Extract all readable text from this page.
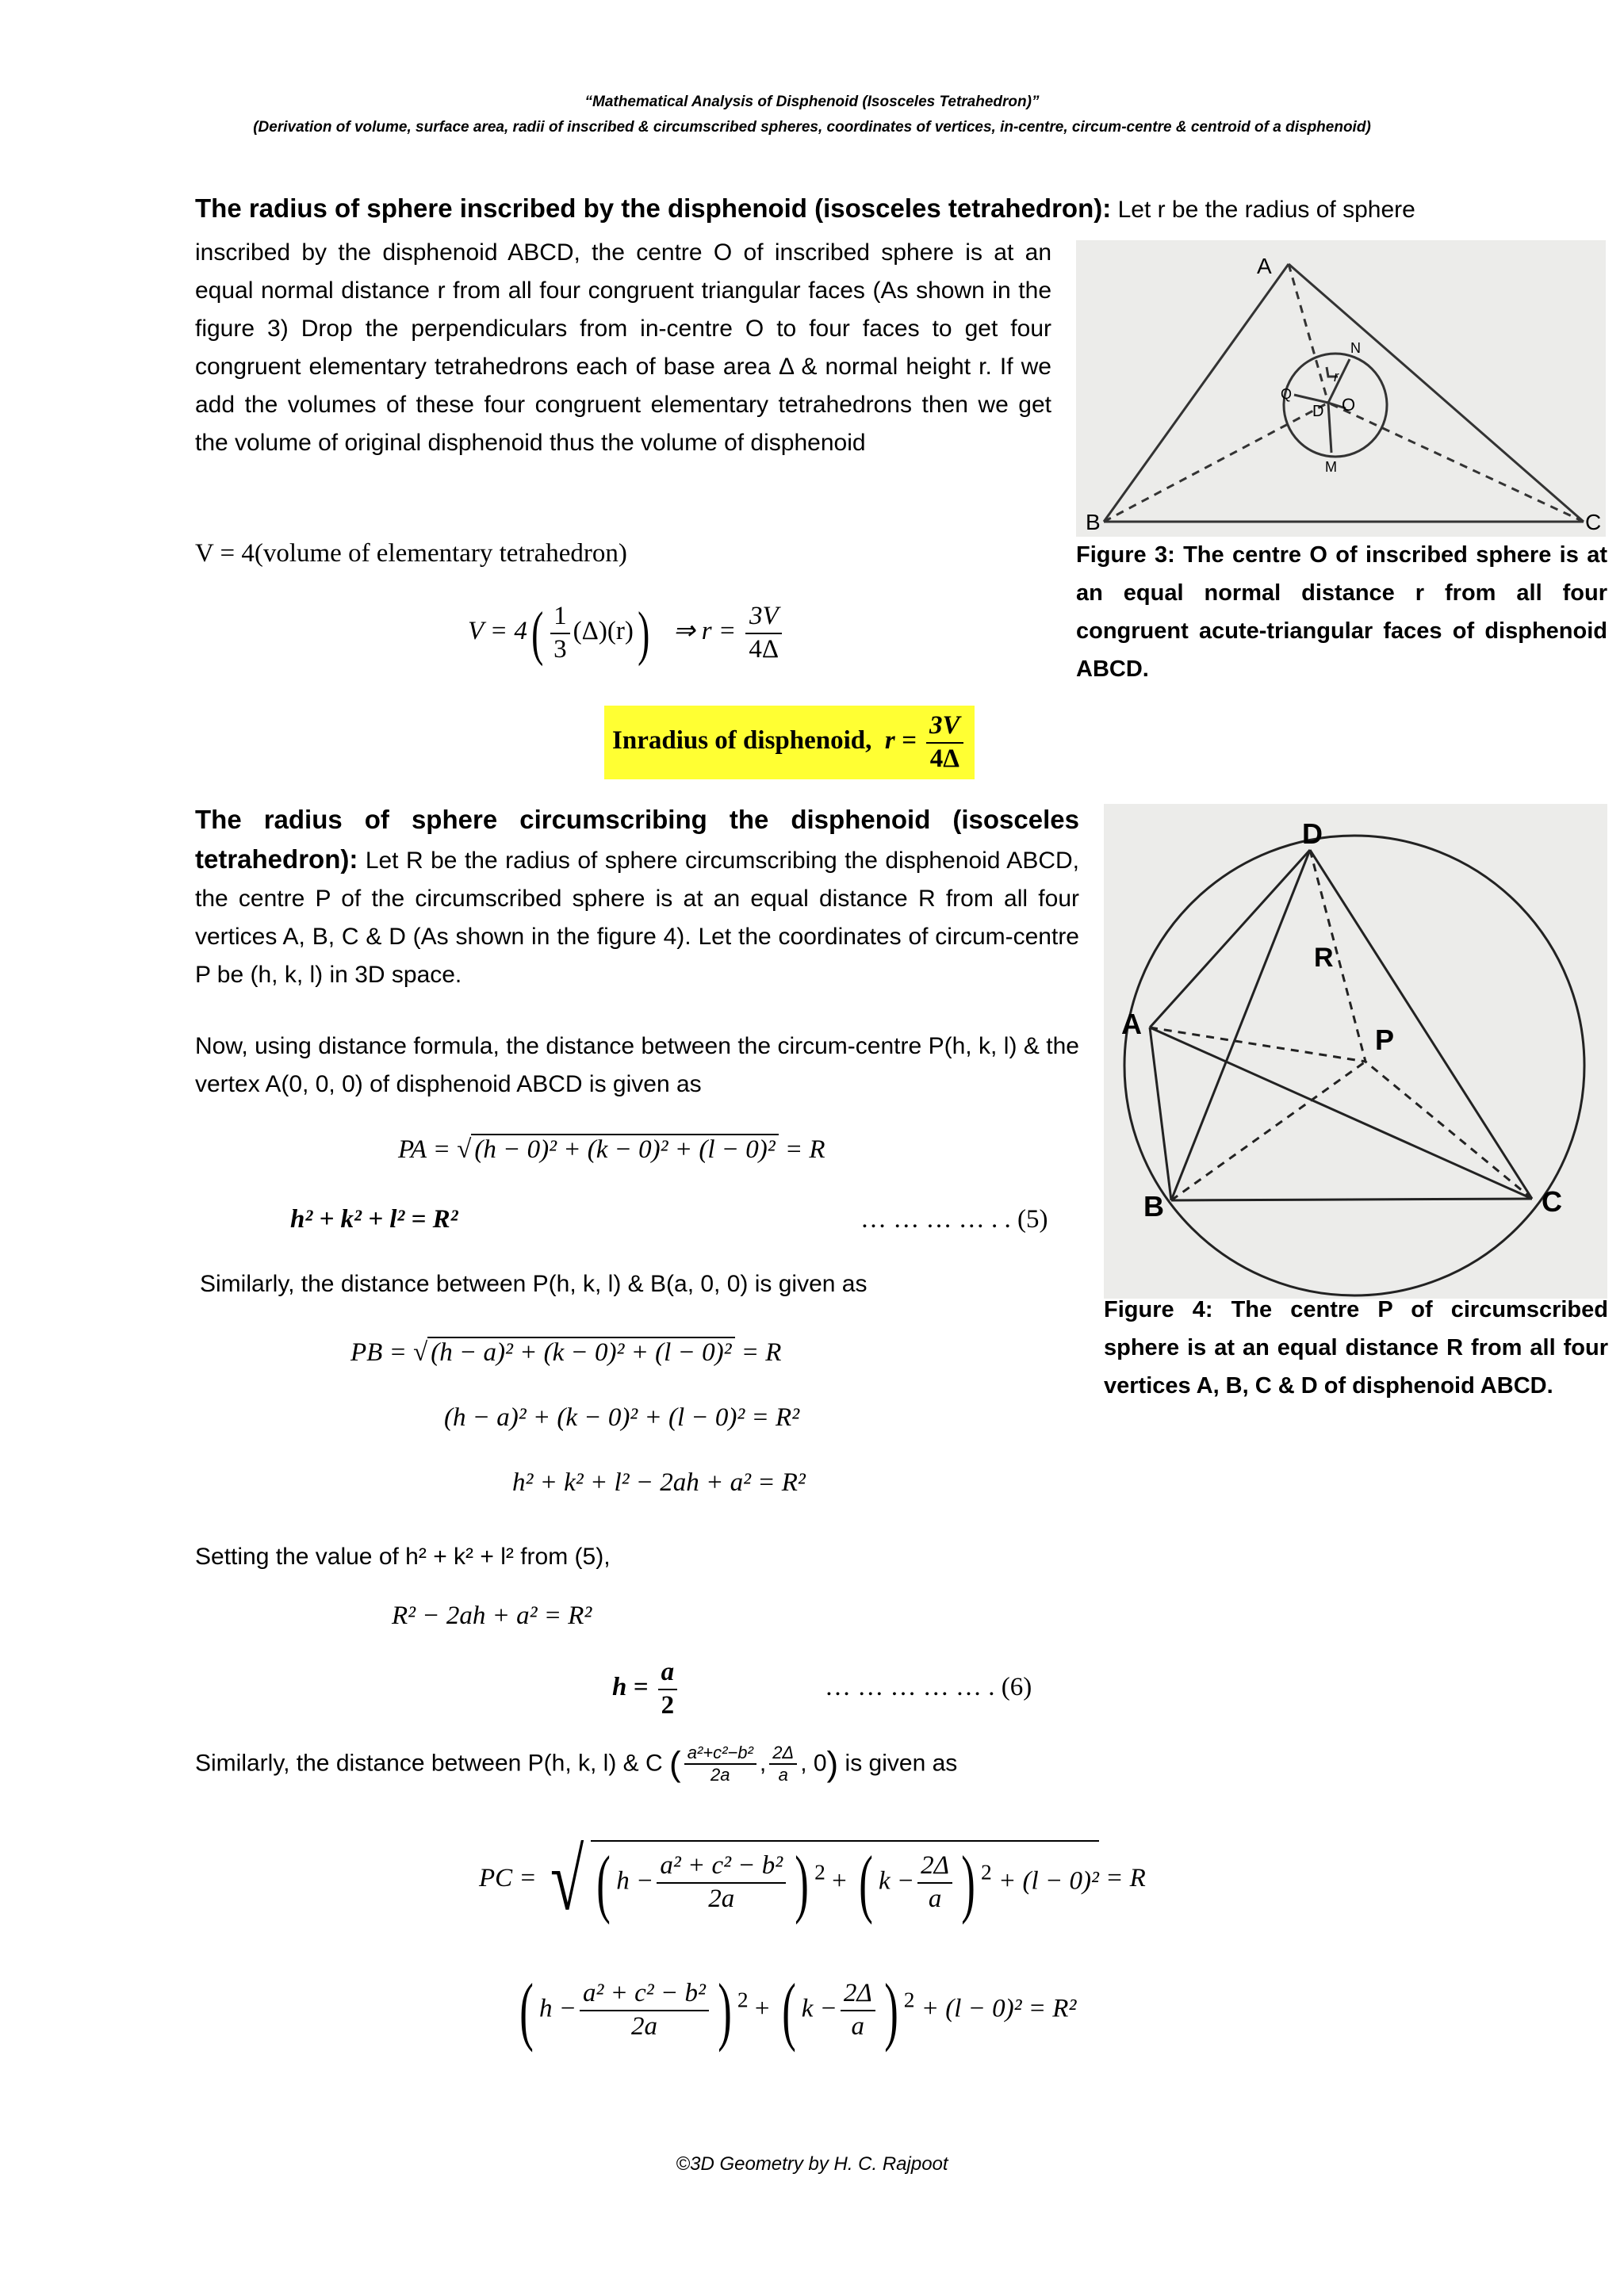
“Mathematical Analysis of Disphenoid (Isosceles Tetrahedron)”
(Derivation of volume, surface area, radii of inscribed & circumscribed spheres, coordinates of vertices, in-centre, circum-centre & centroid of a disphenoid)
The radius of sphere inscribed by the disphenoid (isosceles tetrahedron): Let r be the radius of sphere
inscribed by the disphenoid ABCD, the centre O of inscribed sphere is at an equal normal distance r from all four congruent triangular faces (As shown in the figure 3) Drop the perpendiculars from in-centre O to four faces to get four congruent elementary tetrahedrons each of base area Δ & normal height r. If we add the volumes of these four congruent elementary tetrahedrons then we get the volume of original disphenoid thus the volume of disphenoid
V = 4(volume of elementary tetrahedron)
$V = 4( \frac{1}{3} (\Delta)(r))$ ⇒ $r = \frac{3V}{4\Delta}$
Inradius of disphenoid, $r = \frac{3V}{4\Delta}$
A
B	C
O
D
N
Q
M
r
Figure 3: The centre O of inscribed sphere is at an equal normal distance r from all four congruent acute-triangular faces of disphenoid ABCD.
The radius of sphere circumscribing the disphenoid (isosceles tetrahedron): Let R be the radius of sphere circumscribing the disphenoid ABCD, the centre P of the circumscribed sphere is at an equal distance R from all four vertices A, B, C & D (As shown in the figure 4). Let the coordinates of circum-centre P be (h, k, l) in 3D space.
Now, using distance formula, the distance between the circum-centre P(h, k, l) & the vertex A(0, 0, 0) of disphenoid ABCD is given as
PA = √ (h − 0)² + (k − 0)² + (l − 0)² = R
h² + k² + l² = R²	… … … … . . (5)
Similarly, the distance between P(h, k, l) & B(a, 0, 0) is given as
PB = √ (h − a)² + (k − 0)² + (l − 0)² = R
(h − a)² + (k − 0)² + (l − 0)² = R²
h² + k² + l² − 2ah + a² = R²
Setting the value of h² + k² + l² from (5),
R² − 2ah + a² = R²
$h = \frac{a}{2}$	… … … … … . (6)
Similarly, the distance between P(h, k, l) & C ( $\frac{\text{a²+c²−b²}}{2a}$ , $\frac{2\Delta}{a}$ , 0) is given as
PC = √ ( $h - \frac{\text{a² + c² − b²}}{2a}$ ) $^2$ + ( $k - \frac{2\Delta}{a}$ ) $^2$ + (l − 0)² = R
( $h - \frac{\text{a² + c² − b²}}{2a}$ ) $^2$ + ( $k - \frac{2\Delta}{a}$ ) $^2$ + (l − 0)² = R²
D
A
B	C
P
R
Figure 4: The centre P of circumscribed sphere is at an equal distance R from all four vertices A, B, C & D of disphenoid ABCD.
©3D Geometry by H. C. Rajpoot
